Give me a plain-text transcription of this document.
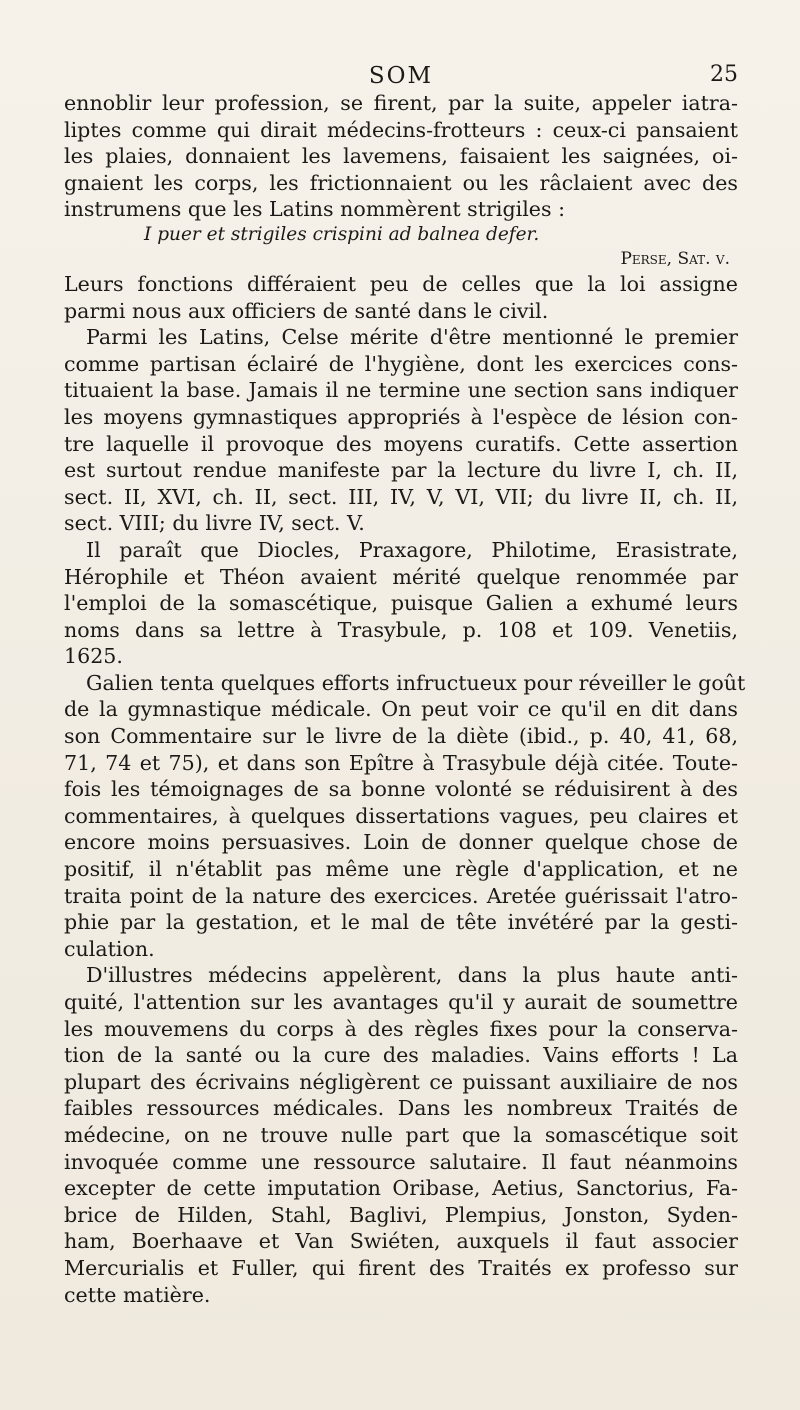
SOM	25
ennoblir leur profession, se firent, par la suite, appeler iatra-
liptes comme qui dirait médecins-frotteurs : ceux-ci pansaient
les plaies, donnaient les lavemens, faisaient les saignées, oi-
gnaient les corps, les frictionnaient ou les râclaient avec des
instrumens que les Latins nommèrent strigiles :
I puer et strigiles crispini ad balnea defer.
Perse, Sat. v.
Leurs fonctions différaient peu de celles que la loi assigne
parmi nous aux officiers de santé dans le civil.
Parmi les Latins, Celse mérite d'être mentionné le premier
comme partisan éclairé de l'hygiène, dont les exercices cons-
tituaient la base. Jamais il ne termine une section sans indiquer
les moyens gymnastiques appropriés à l'espèce de lésion con-
tre laquelle il provoque des moyens curatifs. Cette assertion
est surtout rendue manifeste par la lecture du livre I, ch. II,
sect. II, XVI, ch. II, sect. III, IV, V, VI, VII; du livre II, ch. II,
sect. VIII; du livre IV, sect. V.
Il paraît que Diocles, Praxagore, Philotime, Erasistrate,
Hérophile et Théon avaient mérité quelque renommée par
l'emploi de la somascétique, puisque Galien a exhumé leurs
noms dans sa lettre à Trasybule, p. 108 et 109. Venetiis,
1625.
Galien tenta quelques efforts infructueux pour réveiller le goût
de la gymnastique médicale. On peut voir ce qu'il en dit dans
son Commentaire sur le livre de la diète (ibid., p. 40, 41, 68,
71, 74 et 75), et dans son Epître à Trasybule déjà citée. Toute-
fois les témoignages de sa bonne volonté se réduisirent à des
commentaires, à quelques dissertations vagues, peu claires et
encore moins persuasives. Loin de donner quelque chose de
positif, il n'établit pas même une règle d'application, et ne
traita point de la nature des exercices. Aretée guérissait l'atro-
phie par la gestation, et le mal de tête invétéré par la gesti-
culation.
D'illustres médecins appelèrent, dans la plus haute anti-
quité, l'attention sur les avantages qu'il y aurait de soumettre
les mouvemens du corps à des règles fixes pour la conserva-
tion de la santé ou la cure des maladies. Vains efforts ! La
plupart des écrivains négligèrent ce puissant auxiliaire de nos
faibles ressources médicales. Dans les nombreux Traités de
médecine, on ne trouve nulle part que la somascétique soit
invoquée comme une ressource salutaire. Il faut néanmoins
excepter de cette imputation Oribase, Aetius, Sanctorius, Fa-
brice de Hilden, Stahl, Baglivi, Plempius, Jonston, Syden-
ham, Boerhaave et Van Swiéten, auxquels il faut associer
Mercurialis et Fuller, qui firent des Traités ex professo sur
cette matière.
